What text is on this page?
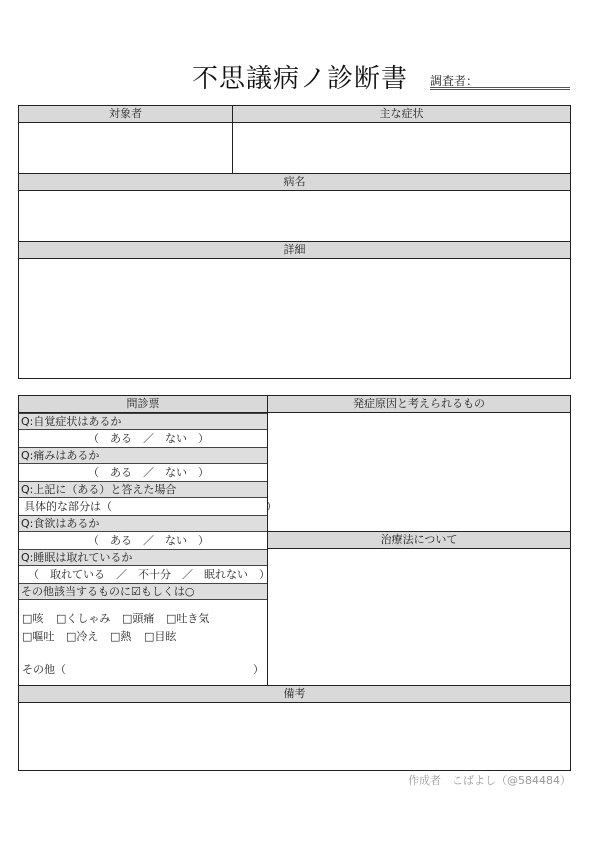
不思議病ノ診断書	調査者：
対象者	主な症状
病名
詳細
問診票	発症原因と考えられるもの
Q:自覚症状はあるか
（　ある　／　ない　）
Q:痛みはあるか
（　ある　／　ない　）
Q:上記に（ある）と答えた場合
具体的な部分は（　　　　　　　　　　　　　　）
Q:食欲はあるか
（　ある　／　ない　）
Q:睡眠は取れているか
（　取れている　／　不十分　／　眠れない　）
その他該当するものに☑もしくは○
□咳 □くしゃみ □頭痛 □吐き気
□嘔吐 □冷え □熱 □目眩
その他（　　　　　　　　　　　　　　　　　）
治療法について
備考
作成者　こばよし（@584484）
